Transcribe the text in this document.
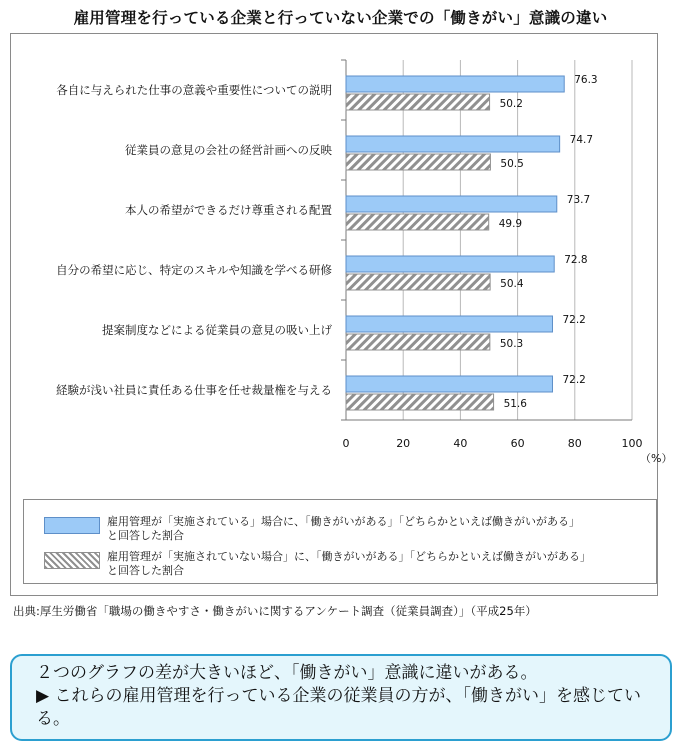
雇用管理を行っている企業と行っていない企業での「働きがい」意識の違い
各自に与えられた仕事の意義や重要性についての説明
従業員の意見の会社の経営計画への反映
本人の希望ができるだけ尊重される配置
自分の希望に応じ、特定のスキルや知識を学べる研修
提案制度などによる従業員の意見の吸い上げ
経験が浅い社員に責任ある仕事を任せ裁量権を与える
76.3
50.2
74.7
50.5
73.7
49.9
72.8
50.4
72.2
50.3
72.2
51.6
0	20	40	60	80	100
（%）
雇用管理が「実施されている」場合に、「働きがいがある」「どちらかといえば働きがいがある」
と回答した割合
雇用管理が「実施されていない場合」に、「働きがいがある」「どちらかといえば働きがいがある」
と回答した割合
出典:厚生労働省「職場の働きやすさ・働きがいに関するアンケート調査（従業員調査）」（平成25年）

２つのグラフの差が大きいほど、「働きがい」意識に違いがある。

▶ これらの雇用管理を行っている企業の従業員の方が、「働きがい」を感じている。
